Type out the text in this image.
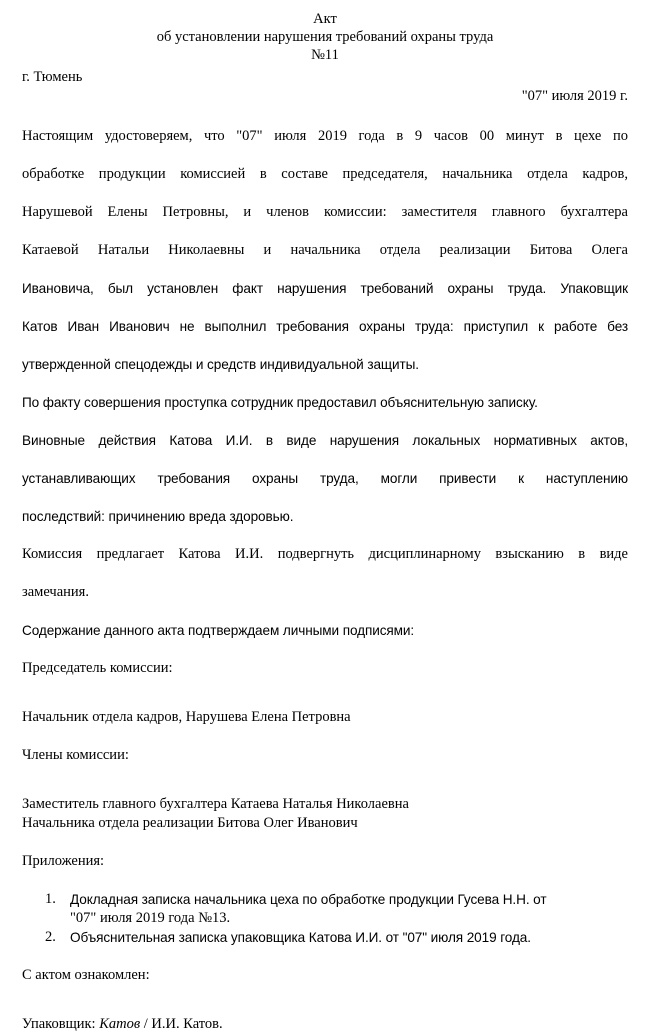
Акт
об установлении нарушения требований охраны труда
№11
г. Тюмень
"07" июля 2019 г.
Настоящим удостоверяем, что "07" июля 2019 года в 9 часов 00 минут в цехе по
обработке продукции комиссией в составе председателя, начальника отдела кадров,
Нарушевой Елены Петровны, и членов комиссии: заместителя главного бухгалтера
Катаевой Натальи Николаевны и начальника отдела реализации Битова Олега
Ивановича, был установлен факт нарушения требований охраны труда. Упаковщик
Катов Иван Иванович не выполнил требования охраны труда: приступил к работе без
утвержденной спецодежды и средств индивидуальной защиты.
По факту совершения проступка сотрудник предоставил объяснительную записку.
Виновные действия Катова И.И. в виде нарушения локальных нормативных актов,
устанавливающих требования охраны труда, могли привести к наступлению
последствий: причинению вреда здоровью.
Комиссия предлагает Катова И.И. подвергнуть дисциплинарному взысканию в виде
замечания.
Содержание данного акта подтверждаем личными подписями:
Председатель комиссии:
Начальник отдела кадров, Нарушева Елена Петровна
Члены комиссии:
Заместитель главного бухгалтера Катаева Наталья Николаевна
Начальника отдела реализации Битова Олег Иванович
Приложения:
1. Докладная записка начальника цеха по обработке продукции Гусева Н.Н. от
"07" июля 2019 года №13.
2. Объяснительная записка упаковщика Катова И.И. от "07" июля 2019 года.
С актом ознакомлен:
Упаковщик: Катов / И.И. Катов.
